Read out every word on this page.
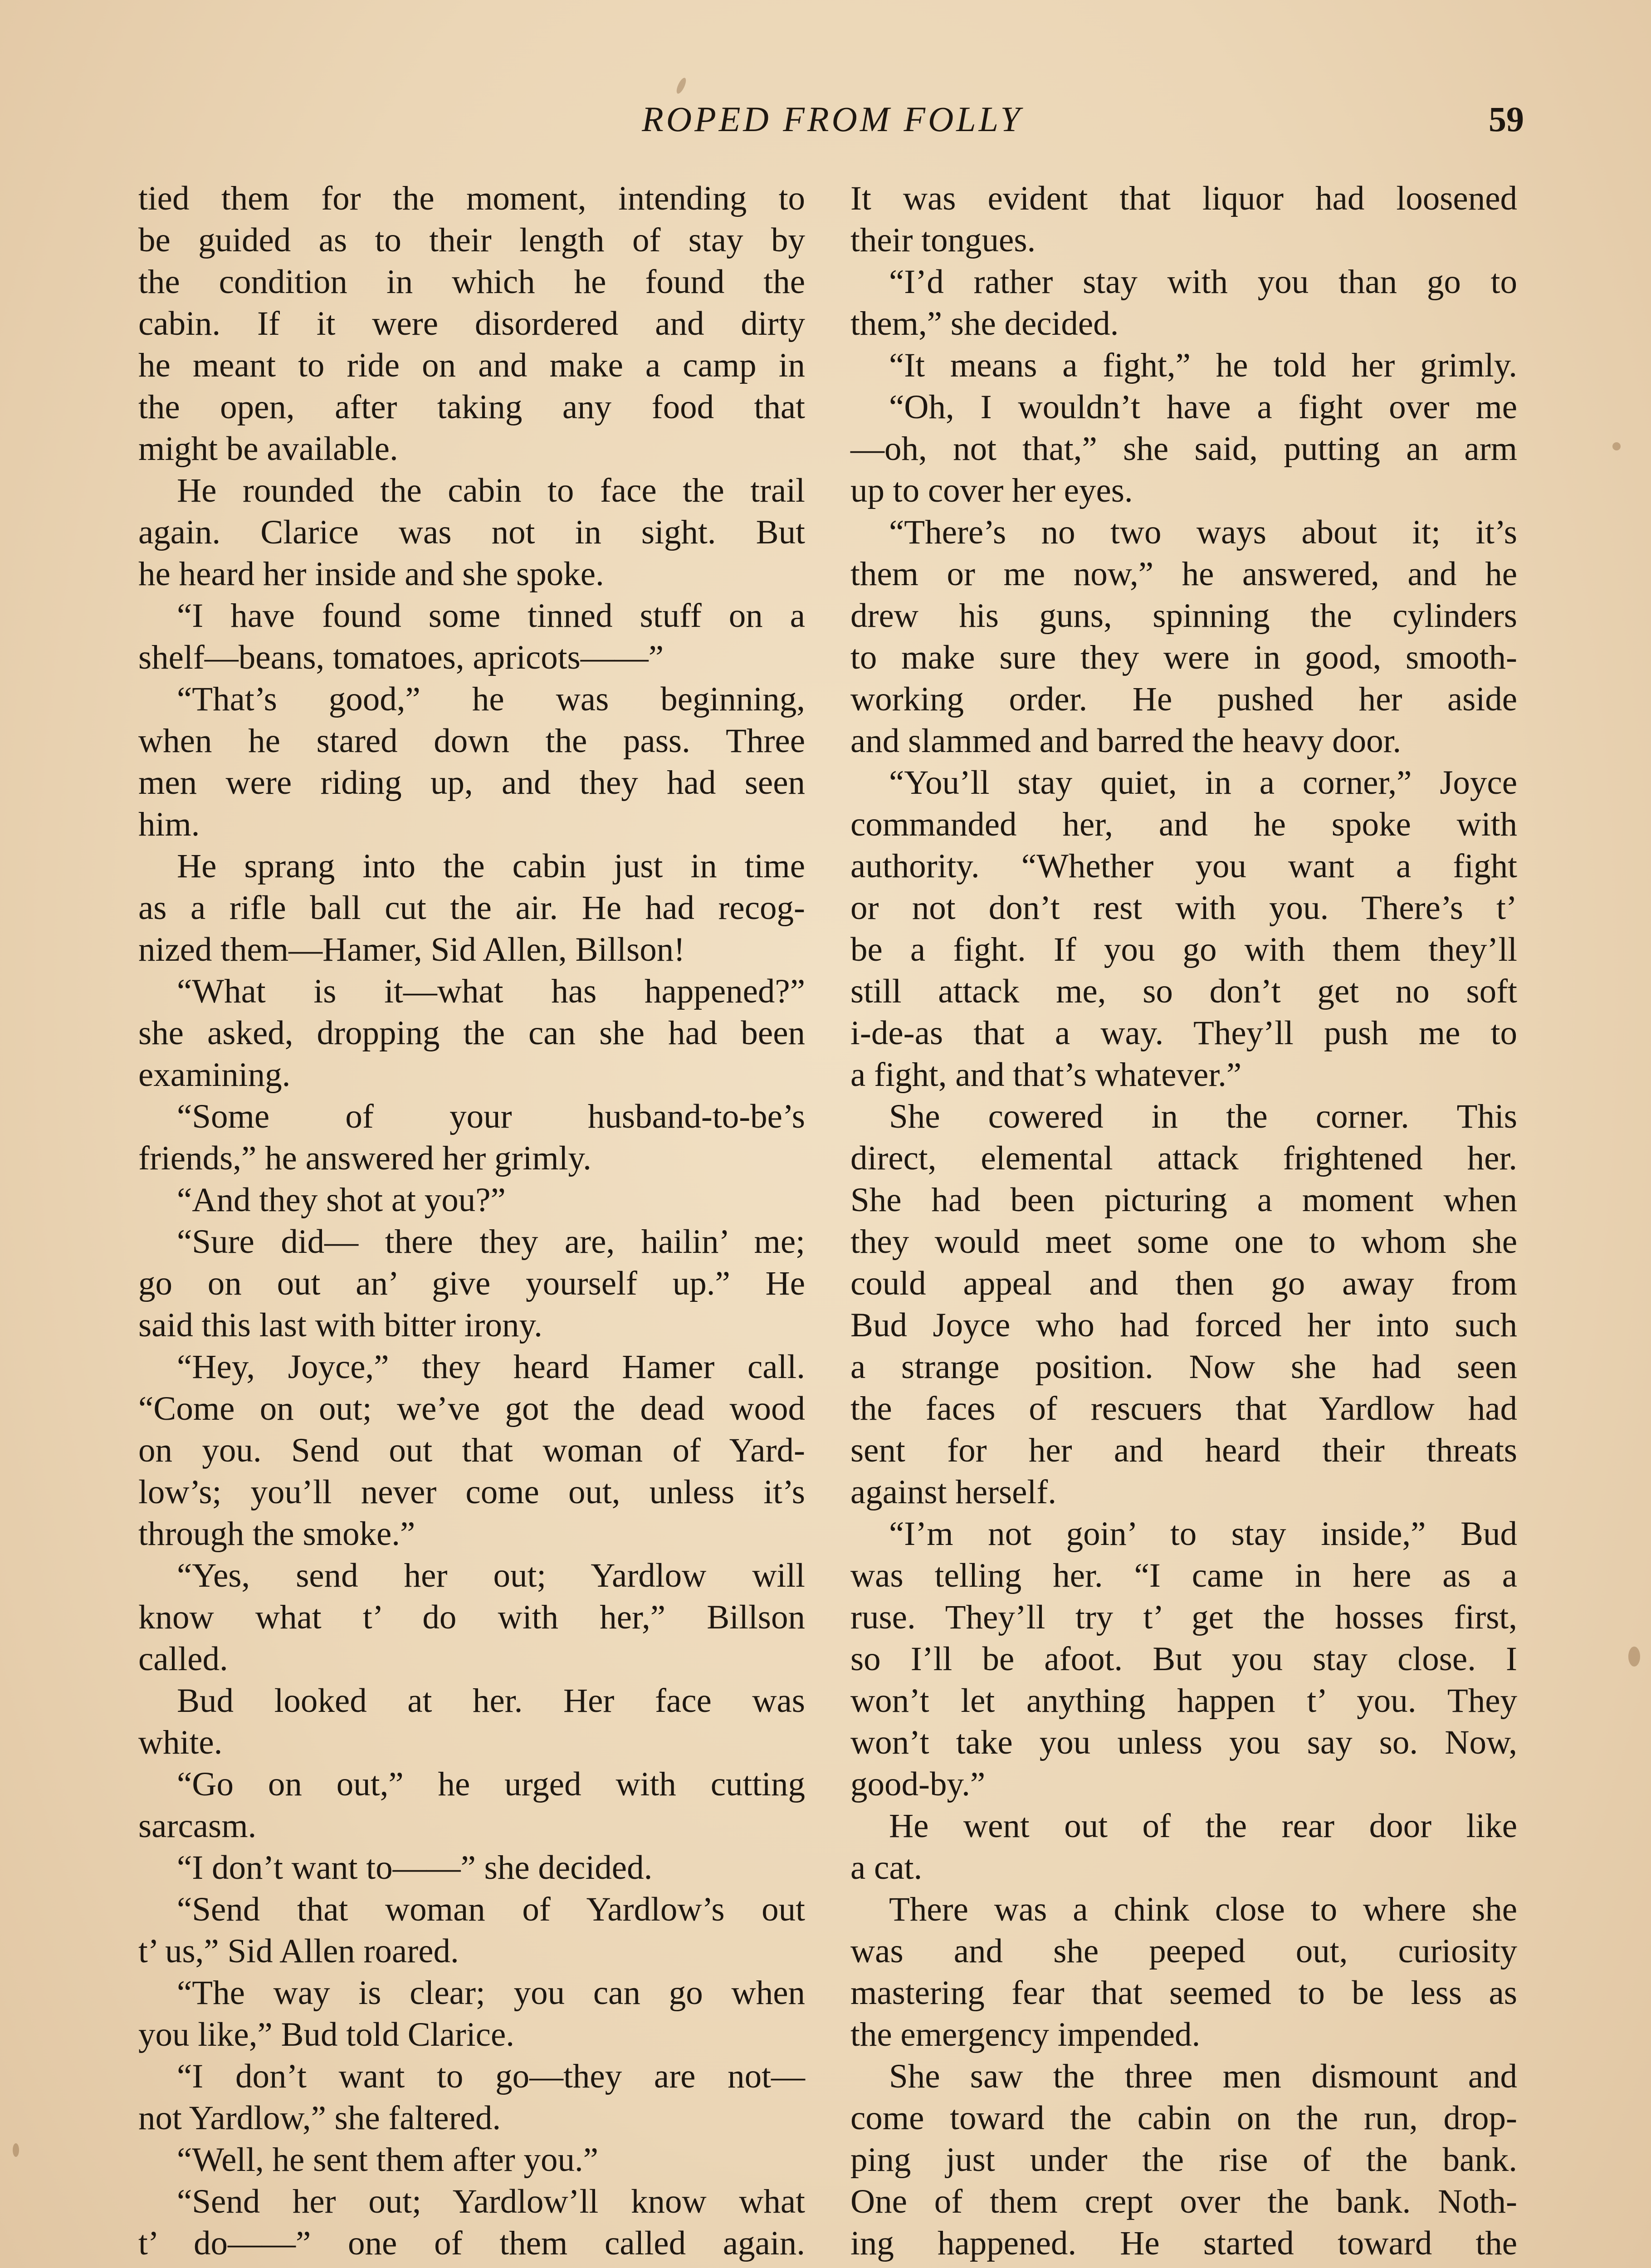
ROPED FROM FOLLY	59
tied them for the moment, intending to
be guided as to their length of stay by
the condition in which he found the
cabin. If it were disordered and dirty
he meant to ride on and make a camp in
the open, after taking any food that
might be available.
He rounded the cabin to face the trail
again. Clarice was not in sight. But
he heard her inside and she spoke.
“I have found some tinned stuff on a
shelf—beans, tomatoes, apricots——”
“That’s good,” he was beginning,
when he stared down the pass. Three
men were riding up, and they had seen
him.
He sprang into the cabin just in time
as a rifle ball cut the air. He had recog-
nized them—Hamer, Sid Allen, Billson!
“What is it—what has happened?”
she asked, dropping the can she had been
examining.
“Some of your husband-to-be’s
friends,” he answered her grimly.
“And they shot at you?”
“Sure did— there they are, hailin’ me;
go on out an’ give yourself up.” He
said this last with bitter irony.
“Hey, Joyce,” they heard Hamer call.
“Come on out; we’ve got the dead wood
on you. Send out that woman of Yard-
low’s; you’ll never come out, unless it’s
through the smoke.”
“Yes, send her out; Yardlow will
know what t’ do with her,” Billson
called.
Bud looked at her. Her face was
white.
“Go on out,” he urged with cutting
sarcasm.
“I don’t want to——” she decided.
“Send that woman of Yardlow’s out
t’ us,” Sid Allen roared.
“The way is clear; you can go when
you like,” Bud told Clarice.
“I don’t want to go—they are not—
not Yardlow,” she faltered.
“Well, he sent them after you.”
“Send her out; Yardlow’ll know what
t’ do——” one of them called again.
It was evident that liquor had loosened
their tongues.
“I’d rather stay with you than go to
them,” she decided.
“It means a fight,” he told her grimly.
“Oh, I wouldn’t have a fight over me
—oh, not that,” she said, putting an arm
up to cover her eyes.
“There’s no two ways about it; it’s
them or me now,” he answered, and he
drew his guns, spinning the cylinders
to make sure they were in good, smooth-
working order. He pushed her aside
and slammed and barred the heavy door.
“You’ll stay quiet, in a corner,” Joyce
commanded her, and he spoke with
authority. “Whether you want a fight
or not don’t rest with you. There’s t’
be a fight. If you go with them they’ll
still attack me, so don’t get no soft
i-de-as that a way. They’ll push me to
a fight, and that’s whatever.”
She cowered in the corner. This
direct, elemental attack frightened her.
She had been picturing a moment when
they would meet some one to whom she
could appeal and then go away from
Bud Joyce who had forced her into such
a strange position. Now she had seen
the faces of rescuers that Yardlow had
sent for her and heard their threats
against herself.
“I’m not goin’ to stay inside,” Bud
was telling her. “I came in here as a
ruse. They’ll try t’ get the hosses first,
so I’ll be afoot. But you stay close. I
won’t let anything happen t’ you. They
won’t take you unless you say so. Now,
good-by.”
He went out of the rear door like
a cat.
There was a chink close to where she
was and she peeped out, curiosity
mastering fear that seemed to be less as
the emergency impended.
She saw the three men dismount and
come toward the cabin on the run, drop-
ping just under the rise of the bank.
One of them crept over the bank. Noth-
ing happened. He started toward the
